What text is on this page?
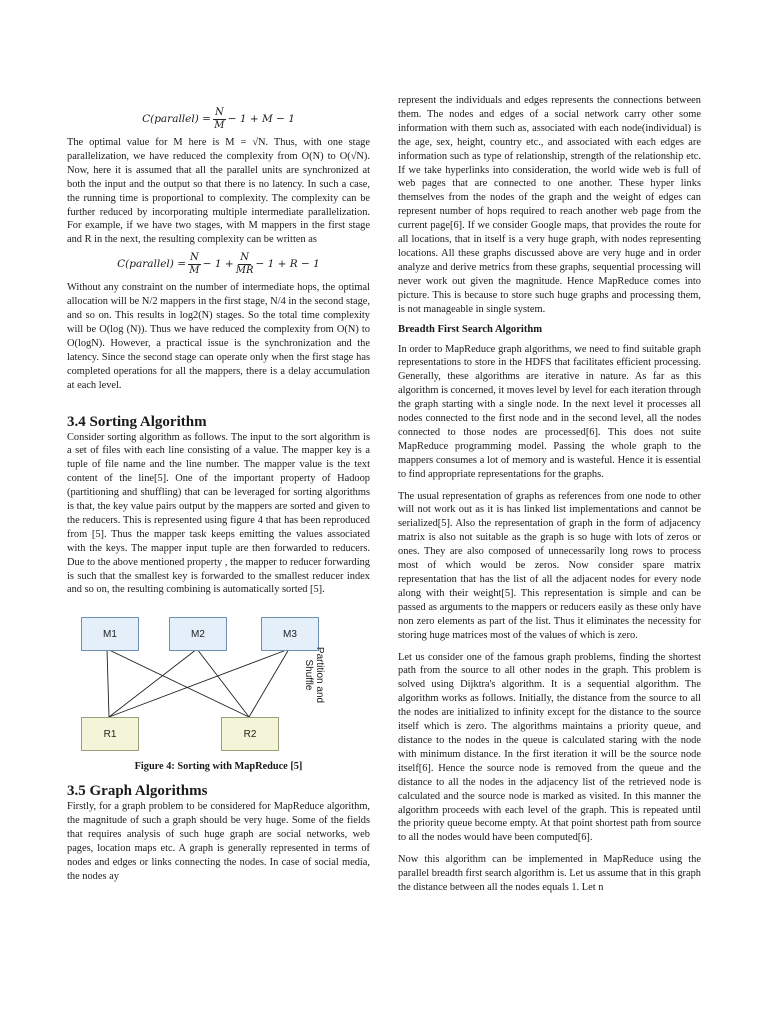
C(parallel) = $\frac{N}{M} - 1 + M - 1$

The optimal value for M here is M = √N. Thus, with one stage parallelization, we have reduced the complexity from O(N) to O(√N). Now, here it is assumed that all the parallel units are synchronized at both the input and the output so that there is no latency. In such a case, the running time is proportional to complexity. The complexity can be further reduced by incorporating multiple intermediate parallelization. For example, if we have two stages, with M mappers in the first stage and R in the next, the resulting complexity can be written as

C(parallel) = $\frac{N}{M} - 1 + \frac{N}{MR} - 1 + R - 1$

Without any constraint on the number of intermediate hops, the optimal allocation will be N/2 mappers in the first stage, N/4 in the second stage, and so on. This results in log2(N) stages. So the total time complexity will be O(log (N)). Thus we have reduced the complexity from O(N) to O(logN). However, a practical issue is the synchronization and the latency. Since the second stage can operate only when the first stage has completed operations for all the mappers, there is a delay accumulation at each level.

3.4 Sorting Algorithm

Consider sorting algorithm as follows. The input to the sort algorithm is a set of files with each line consisting of a value. The mapper key is a tuple of file name and the line number. The mapper value is the text content of the line[5]. One of the important property of Hadoop (partitioning and shuffling) that can be leveraged for sorting algorithms is that, the key value pairs output by the mappers are sorted and given to the reducers. This is represented using figure 4 that has been reproduced from [5]. Thus the mapper task keeps emitting the values associated with the keys. The mapper input tuple are then forwarded to reducers. Due to the above mentioned property , the mapper to reducer forwarding is such that the smallest key is forwarded to the smallest reducer index and so on, the resulting combining is automatically sorted [5].

M1	M2	M3
R1	R2
Partition and Shuffle
Figure 4: Sorting with MapReduce [5]
3.5 Graph Algorithms

Firstly, for a graph problem to be considered for MapReduce algorithm, the magnitude of such a graph should be very huge. Some of the fields that requires analysis of such huge graph are social networks, web pages, location maps etc. A graph is generally represented in terms of nodes and edges or links connecting the nodes. In case of social media, the nodes ay

represent the individuals and edges represents the connections between them. The nodes and edges of a social network carry other some information with them such as, associated with each node(individual) is the age, sex, height, country etc., and associated with each edges are information such as type of relationship, strength of the relationship etc. If we take hyperlinks into consideration, the world wide web is full of web pages that are connected to one another. These hyper links themselves from the nodes of the graph and the weight of edges can represent number of hops required to reach another web page from the current page[6]. If we consider Google maps, that provides the route for all locations, that in itself is a very huge graph, with nodes representing locations. All these graphs discussed above are very huge and in order analyze and derive metrics from these graphs, sequential processing will never work out given the magnitude. Hence MapReduce comes into picture. This is because to store such huge graphs and processing them, is not manageable in single system.

Breadth First Search Algorithm

In order to MapReduce graph algorithms, we need to find suitable graph representations to store in the HDFS that facilitates efficient processing. Generally, these algorithms are iterative in nature. As far as this algorithm is concerned, it moves level by level for each iteration through the graph starting with a single node. In the next level it processes all nodes connected to the first node and in the second level, all the nodes connected to those nodes are processed[6]. This does not suite MapReduce programming model. Passing the whole graph to the mappers consumes a lot of memory and is wasteful. Hence it is essential to find appropriate representations for the graphs.

The usual representation of graphs as references from one node to other will not work out as it is has linked list implementations and cannot be serialized[5]. Also the representation of graph in the form of adjacency matrix is also not suitable as the graph is so huge with lots of zeros or ones. They are also composed of unnecessarily long rows to process most of which would be zeros. Now consider spare matrix representation that has the list of all the adjacent nodes for every node along with their weight[5]. This representation is simple and can be passed as arguments to the mappers or reducers easily as these only have non zero elements as part of the list. Thus it eliminates the necessity for storing huge matrices most of the values of which is zero.

Let us consider one of the famous graph problems, finding the shortest path from the source to all other nodes in the graph. This problem is solved using Dijktra's algorithm. It is a sequential algorithm. The algorithm works as follows. Initially, the distance from the source to all the nodes are initialized to infinity except for the distance to the source itself which is zero. The algorithms maintains a priority queue, and distance to the nodes in the queue is calculated staring with the node with minimum distance. In the first iteration it will be the source node itself[6]. Hence the source node is removed from the queue and the distance to all the nodes in the adjacency list of the retrieved node is calculated and the source node is marked as visited. In this manner the algorithm proceeds with each level of the graph. This is repeated until the priority queue become empty. At that point shortest path from source to all the nodes would have been computed[6].

Now this algorithm can be implemented in MapReduce using the parallel breadth first search algorithm is. Let us assume that in this graph the distance between all the nodes equals 1. Let n
